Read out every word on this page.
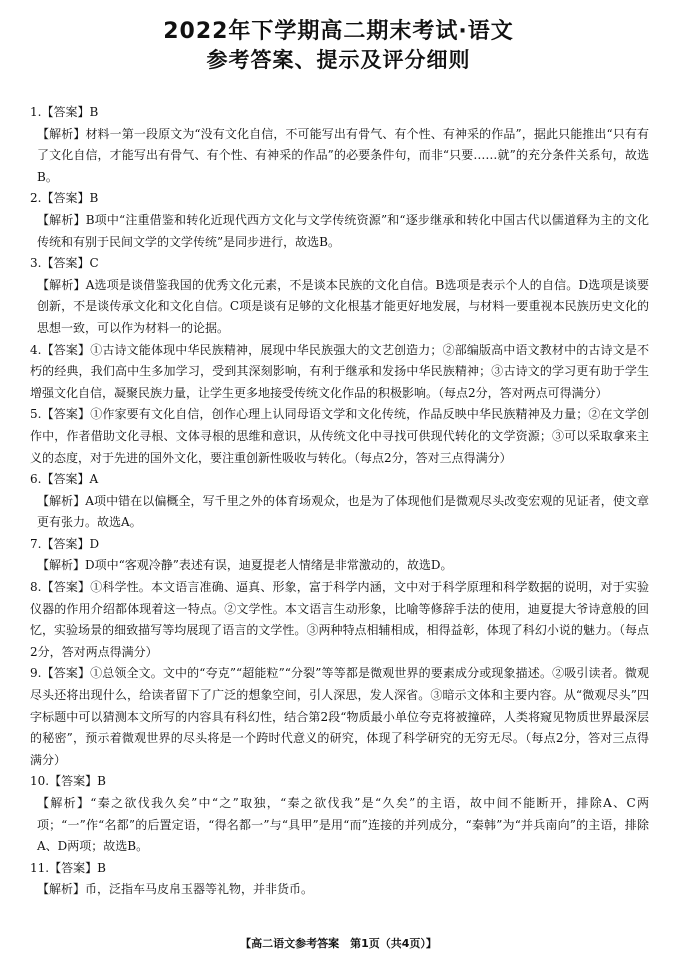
2022年下学期高二期末考试·语文
参考答案、提示及评分细则
1.【答案】B
【解析】材料一第一段原文为“没有文化自信，不可能写出有骨气、有个性、有神采的作品”，据此只能推出“只有有了文化自信，才能写出有骨气、有个性、有神采的作品”的必要条件句，而非“只要……就”的充分条件关系句，故选B。
2.【答案】B
【解析】B项中“注重借鉴和转化近现代西方文化与文学传统资源”和“逐步继承和转化中国古代以儒道释为主的文化传统和有别于民间文学的文学传统”是同步进行，故选B。
3.【答案】C
【解析】A选项是谈借鉴我国的优秀文化元素，不是谈本民族的文化自信。B选项是表示个人的自信。D选项是谈要创新，不是谈传承文化和文化自信。C项是谈有足够的文化根基才能更好地发展，与材料一要重视本民族历史文化的思想一致，可以作为材料一的论据。
4.【答案】①古诗文能体现中华民族精神，展现中华民族强大的文艺创造力；②部编版高中语文教材中的古诗文是不朽的经典，我们高中生多加学习，受到其深刻影响，有利于继承和发扬中华民族精神；③古诗文的学习更有助于学生增强文化自信，凝聚民族力量，让学生更多地接受传统文化作品的积极影响。（每点2分，答对两点可得满分）
5.【答案】①作家要有文化自信，创作心理上认同母语文学和文化传统，作品反映中华民族精神及力量；②在文学创作中，作者借助文化寻根、文体寻根的思维和意识，从传统文化中寻找可供现代转化的文学资源；③可以采取拿来主义的态度，对于先进的国外文化，要注重创新性吸收与转化。（每点2分，答对三点得满分）
6.【答案】A
【解析】A项中错在以偏概全，写千里之外的体育场观众，也是为了体现他们是微观尽头改变宏观的见证者，使文章更有张力。故选A。
7.【答案】D
【解析】D项中“客观冷静”表述有误，迪夏提老人情绪是非常激动的，故选D。
8.【答案】①科学性。本文语言准确、逼真、形象，富于科学内涵，文中对于科学原理和科学数据的说明，对于实验仪器的作用介绍都体现着这一特点。②文学性。本文语言生动形象，比喻等修辞手法的使用，迪夏提大爷诗意般的回忆，实验场景的细致描写等均展现了语言的文学性。③两种特点相辅相成，相得益彰，体现了科幻小说的魅力。（每点2分，答对两点得满分）
9.【答案】①总领全文。文中的“夸克”“超能粒”“分裂”等等都是微观世界的要素成分或现象描述。②吸引读者。微观尽头还将出现什么，给读者留下了广泛的想象空间，引人深思，发人深省。③暗示文体和主要内容。从“微观尽头”四字标题中可以猜测本文所写的内容具有科幻性，结合第2段“物质最小单位夸克将被撞碎，人类将窥见物质世界最深层的秘密”，预示着微观世界的尽头将是一个跨时代意义的研究，体现了科学研究的无穷无尽。（每点2分，答对三点得满分）
10.【答案】B
【解析】“秦之欲伐我久矣”中“之”取独，“秦之欲伐我”是“久矣”的主语，故中间不能断开，排除A、C两项；“一”作“名都”的后置定语，“得名都一”与“具甲”是用“而”连接的并列成分，“秦韩”为“并兵南向”的主语，排除A、D两项；故选B。
11.【答案】B
【解析】币，泛指车马皮帛玉器等礼物，并非货币。
【高二语文参考答案　第1页（共4页）】
